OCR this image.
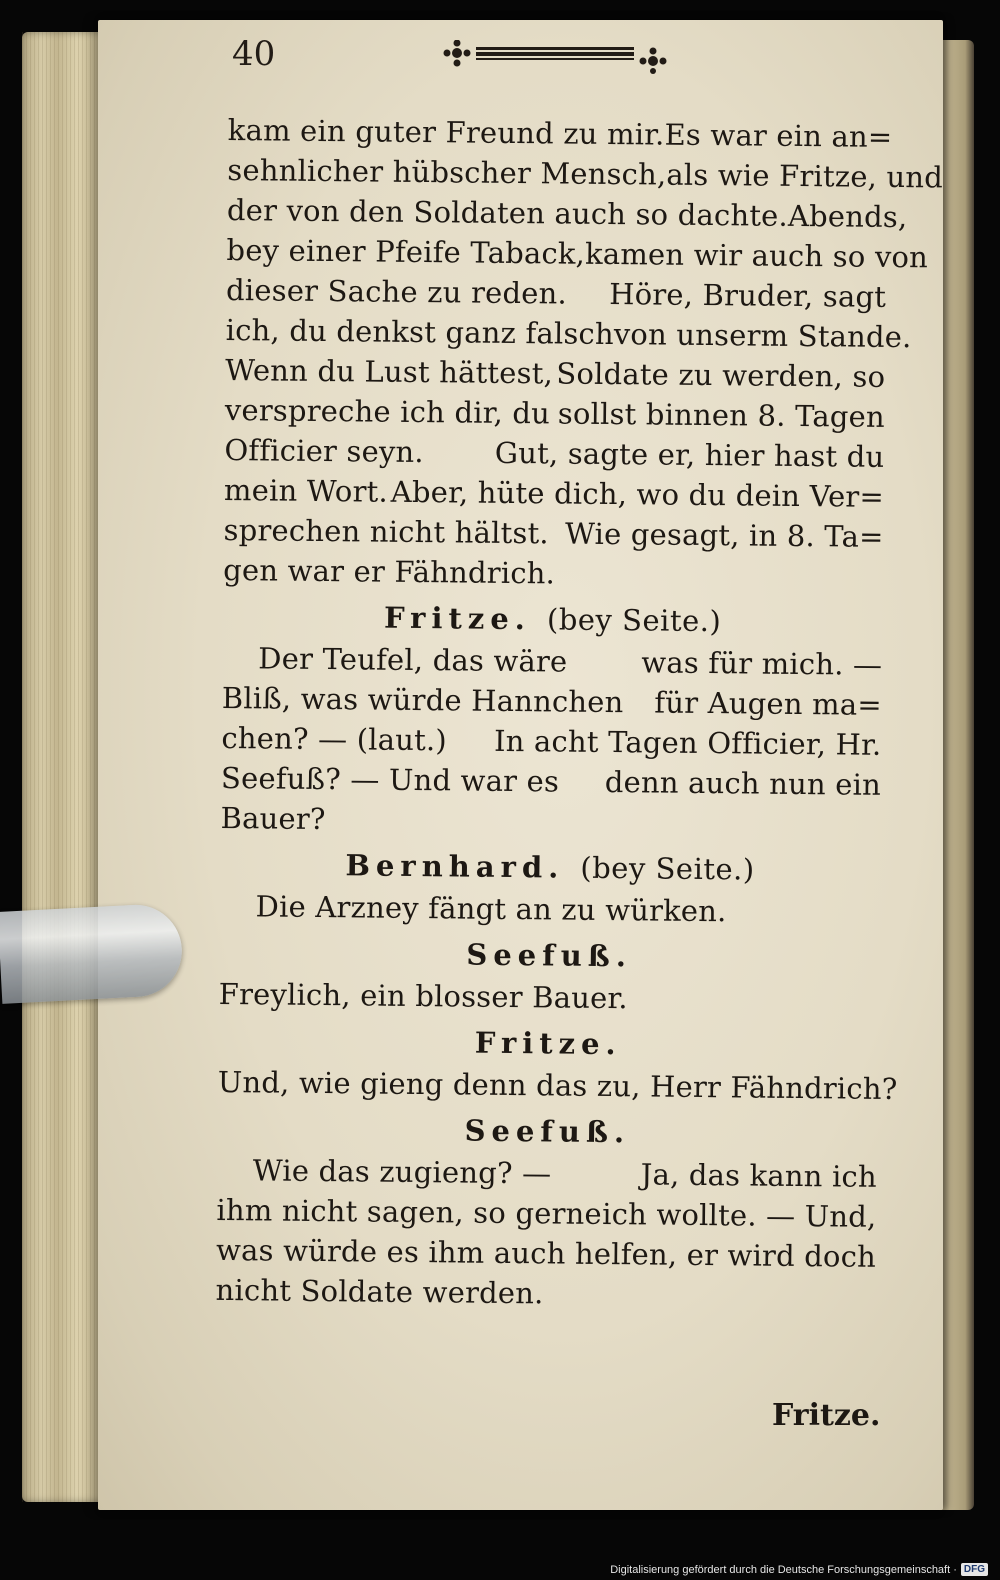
40
kam ein guter Freund zu mir. Es war ein an=
sehnlicher hübscher Mensch, als wie Fritze, und
der von den Soldaten auch so dachte. Abends,
bey einer Pfeife Taback, kamen wir auch so von
dieser Sache zu reden. Höre, Bruder, sagt
ich, du denkst ganz falsch von unserm Stande.
Wenn du Lust hättest, Soldate zu werden, so
verspreche ich dir, du sollst binnen 8. Tagen
Officier seyn. Gut, sagte er, hier hast du
mein Wort. Aber, hüte dich, wo du dein Ver=
sprechen nicht hältst. Wie gesagt, in 8. Ta=
gen war er Fähndrich.
Fritze. (bey Seite.)
Der Teufel, das wäre	was für mich. —
Bliß, was würde Hannchen für Augen ma=
chen? — (laut.) In acht Tagen Officier, Hr.
Seefuß? — Und war es denn auch nun ein
Bauer?
Bernhard. (bey Seite.)
Die Arzney fängt an zu würken.
Seefuß.
Freylich, ein blosser Bauer.
Fritze.
Und, wie gieng denn das zu, Herr Fähndrich?
Seefuß.
Wie das zugieng? —	Ja, das kann ich
ihm nicht sagen, so gerne ich wollte. — Und,
was würde es ihm auch helfen, er wird doch
nicht Soldate werden.
Fritze.
Digitalisierung gefördert durch die Deutsche Forschungsgemeinschaft · DFG
